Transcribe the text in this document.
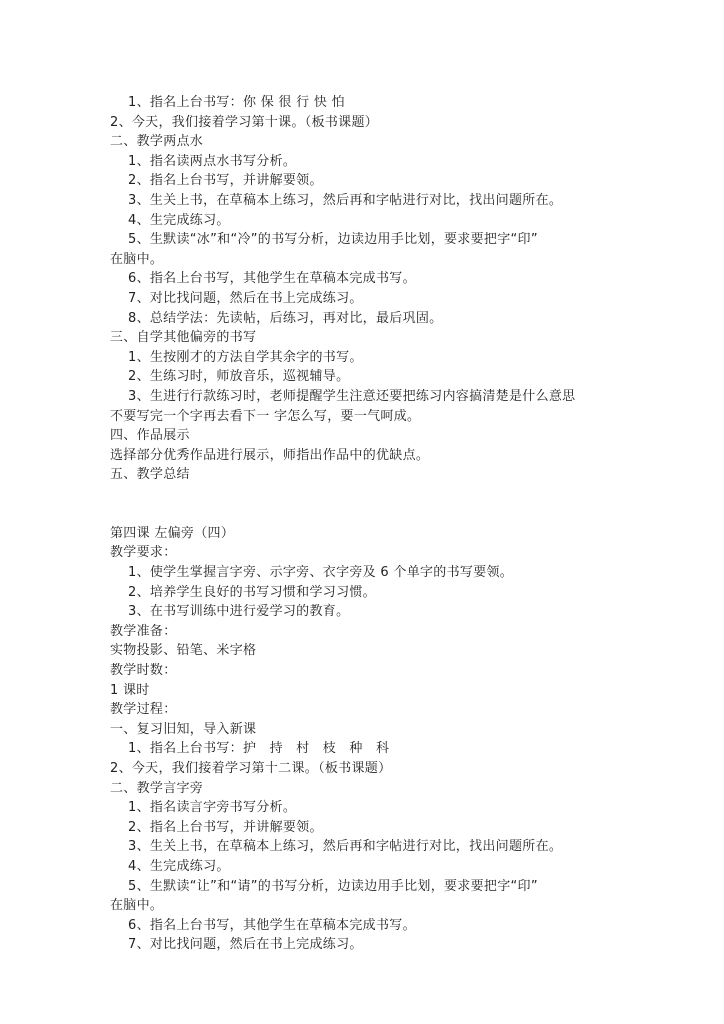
1、指名上台书写：你 保 很 行 快 怕
2、今天，我们接着学习第十课。（板书课题）
二、教学两点水
1、指名读两点水书写分析。
2、指名上台书写，并讲解要领。
3、生关上书，在草稿本上练习，然后再和字帖进行对比，找出问题所在。
4、生完成练习。
5、生默读“冰”和“冷”的书写分析，边读边用手比划，要求要把字“印”
在脑中。
6、指名上台书写，其他学生在草稿本完成书写。
7、对比找问题，然后在书上完成练习。
8、总结学法：先读帖，后练习，再对比，最后巩固。
三、自学其他偏旁的书写
1、生按刚才的方法自学其余字的书写。
2、生练习时，师放音乐，巡视辅导。
3、生进行行款练习时，老师提醒学生注意还要把练习内容搞清楚是什么意思
不要写完一个字再去看下一 字怎么写，要一气呵成。
四、作品展示
选择部分优秀作品进行展示，师指出作品中的优缺点。
五、教学总结
第四课 左偏旁（四）
教学要求：
1、使学生掌握言字旁、示字旁、衣字旁及 6 个单字的书写要领。
2、培养学生良好的书写习惯和学习习惯。
3、在书写训练中进行爱学习的教育。
教学准备：
实物投影、铅笔、米字格
教学时数：
1 课时
教学过程：
一、复习旧知，导入新课
1、指名上台书写：护　持　村　枝　种　科
2、今天，我们接着学习第十二课。（板书课题）
二、教学言字旁
1、指名读言字旁书写分析。
2、指名上台书写，并讲解要领。
3、生关上书，在草稿本上练习，然后再和字帖进行对比，找出问题所在。
4、生完成练习。
5、生默读“让”和“请”的书写分析，边读边用手比划，要求要把字“印”
在脑中。
6、指名上台书写，其他学生在草稿本完成书写。
7、对比找问题，然后在书上完成练习。
